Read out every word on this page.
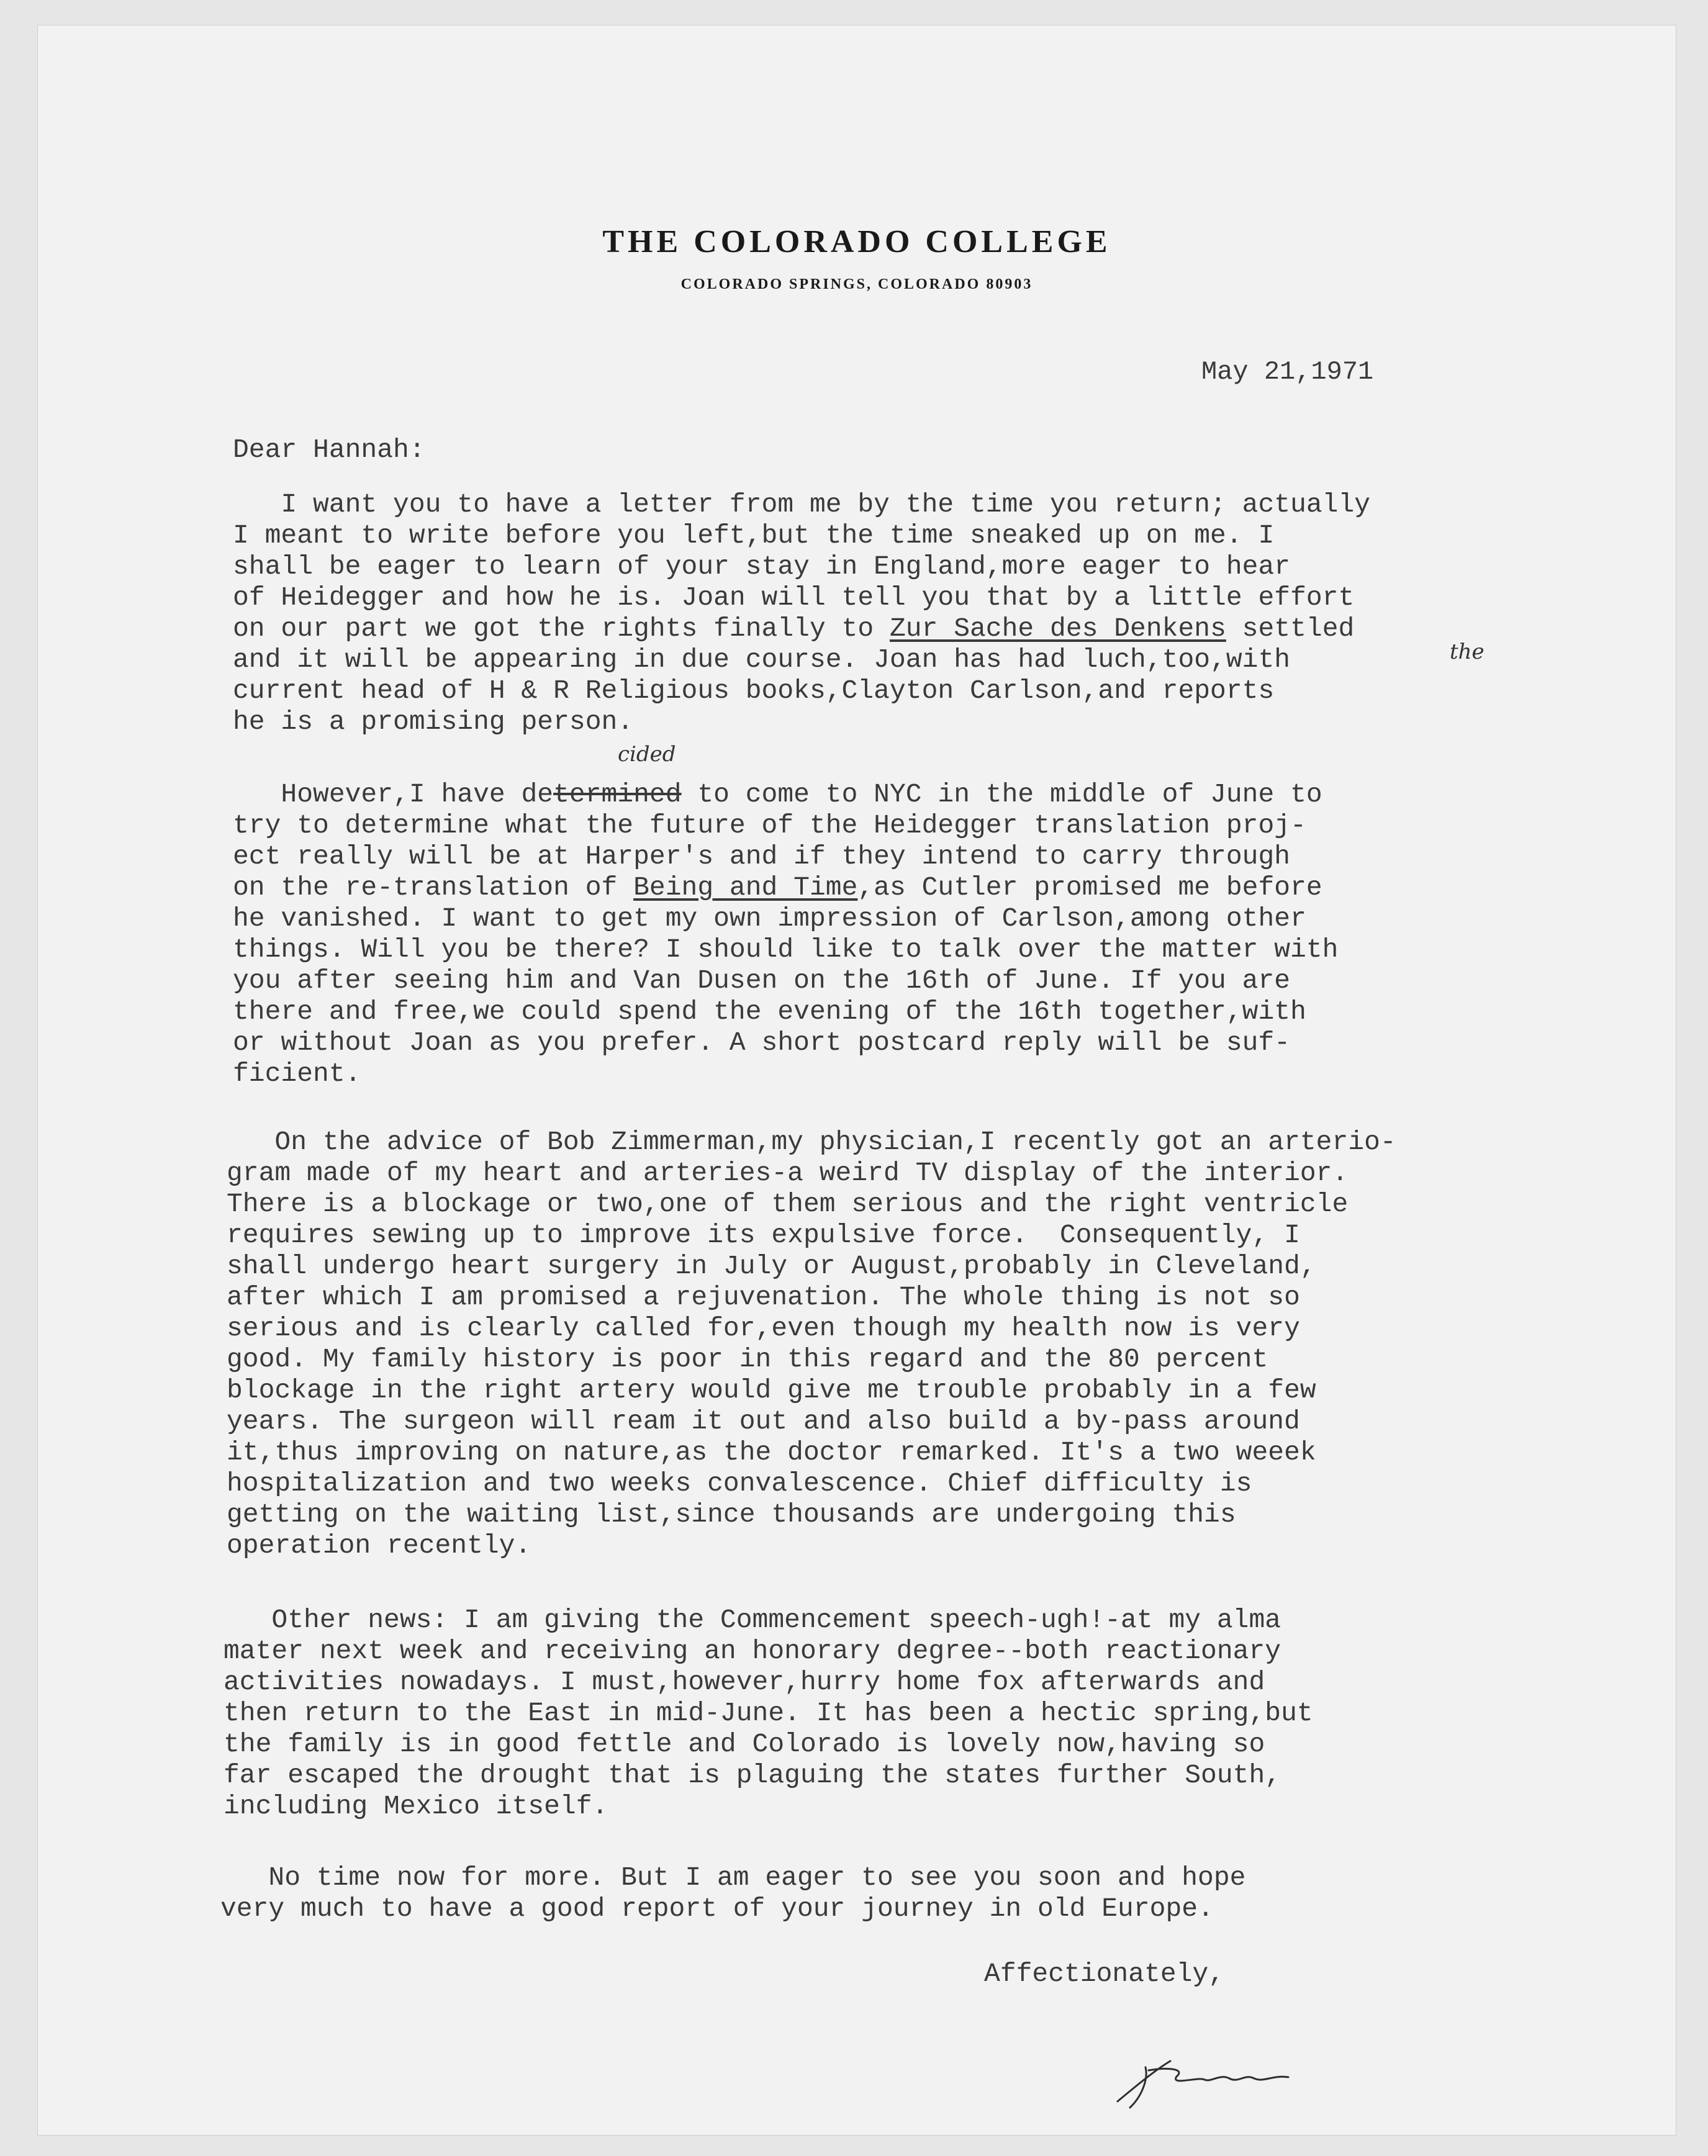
THE COLORADO COLLEGE
COLORADO SPRINGS, COLORADO 80903
May 21,1971
Dear Hannah:
I want you to have a letter from me by the time you return; actually
I meant to write before you left,but the time sneaked up on me. I
shall be eager to learn of your stay in England,more eager to hear
of Heidegger and how he is. Joan will tell you that by a little effort
on our part we got the rights finally to Zur Sache des Denkens settled
and it will be appearing in due course. Joan has had luch,too,with	the
current head of H & R Religious books,Clayton Carlson,and reports
he is a promising person.
cided
However,I have determined to come to NYC in the middle of June to
try to determine what the future of the Heidegger translation proj-
ect really will be at Harper's and if they intend to carry through
on the re-translation of Being and Time,as Cutler promised me before
he vanished. I want to get my own impression of Carlson,among other
things. Will you be there? I should like to talk over the matter with
you after seeing him and Van Dusen on the 16th of June. If you are
there and free,we could spend the evening of the 16th together,with
or without Joan as you prefer. A short postcard reply will be suf-
ficient.
On the advice of Bob Zimmerman,my physician,I recently got an arterio-
gram made of my heart and arteries-a weird TV display of the interior.
There is a blockage or two,one of them serious and the right ventricle
requires sewing up to improve its expulsive force.  Consequently, I
shall undergo heart surgery in July or August,probably in Cleveland,
after which I am promised a rejuvenation. The whole thing is not so
serious and is clearly called for,even though my health now is very
good. My family history is poor in this regard and the 80 percent
blockage in the right artery would give me trouble probably in a few
years. The surgeon will ream it out and also build a by-pass around
it,thus improving on nature,as the doctor remarked. It's a two weeek
hospitalization and two weeks convalescence. Chief difficulty is
getting on the waiting list,since thousands are undergoing this
operation recently.
Other news: I am giving the Commencement speech-ugh!-at my alma
mater next week and receiving an honorary degree--both reactionary
activities nowadays. I must,however,hurry home fox afterwards and
then return to the East in mid-June. It has been a hectic spring,but
the family is in good fettle and Colorado is lovely now,having so
far escaped the drought that is plaguing the states further South,
including Mexico itself.
No time now for more. But I am eager to see you soon and hope
very much to have a good report of your journey in old Europe.
Affectionately,
